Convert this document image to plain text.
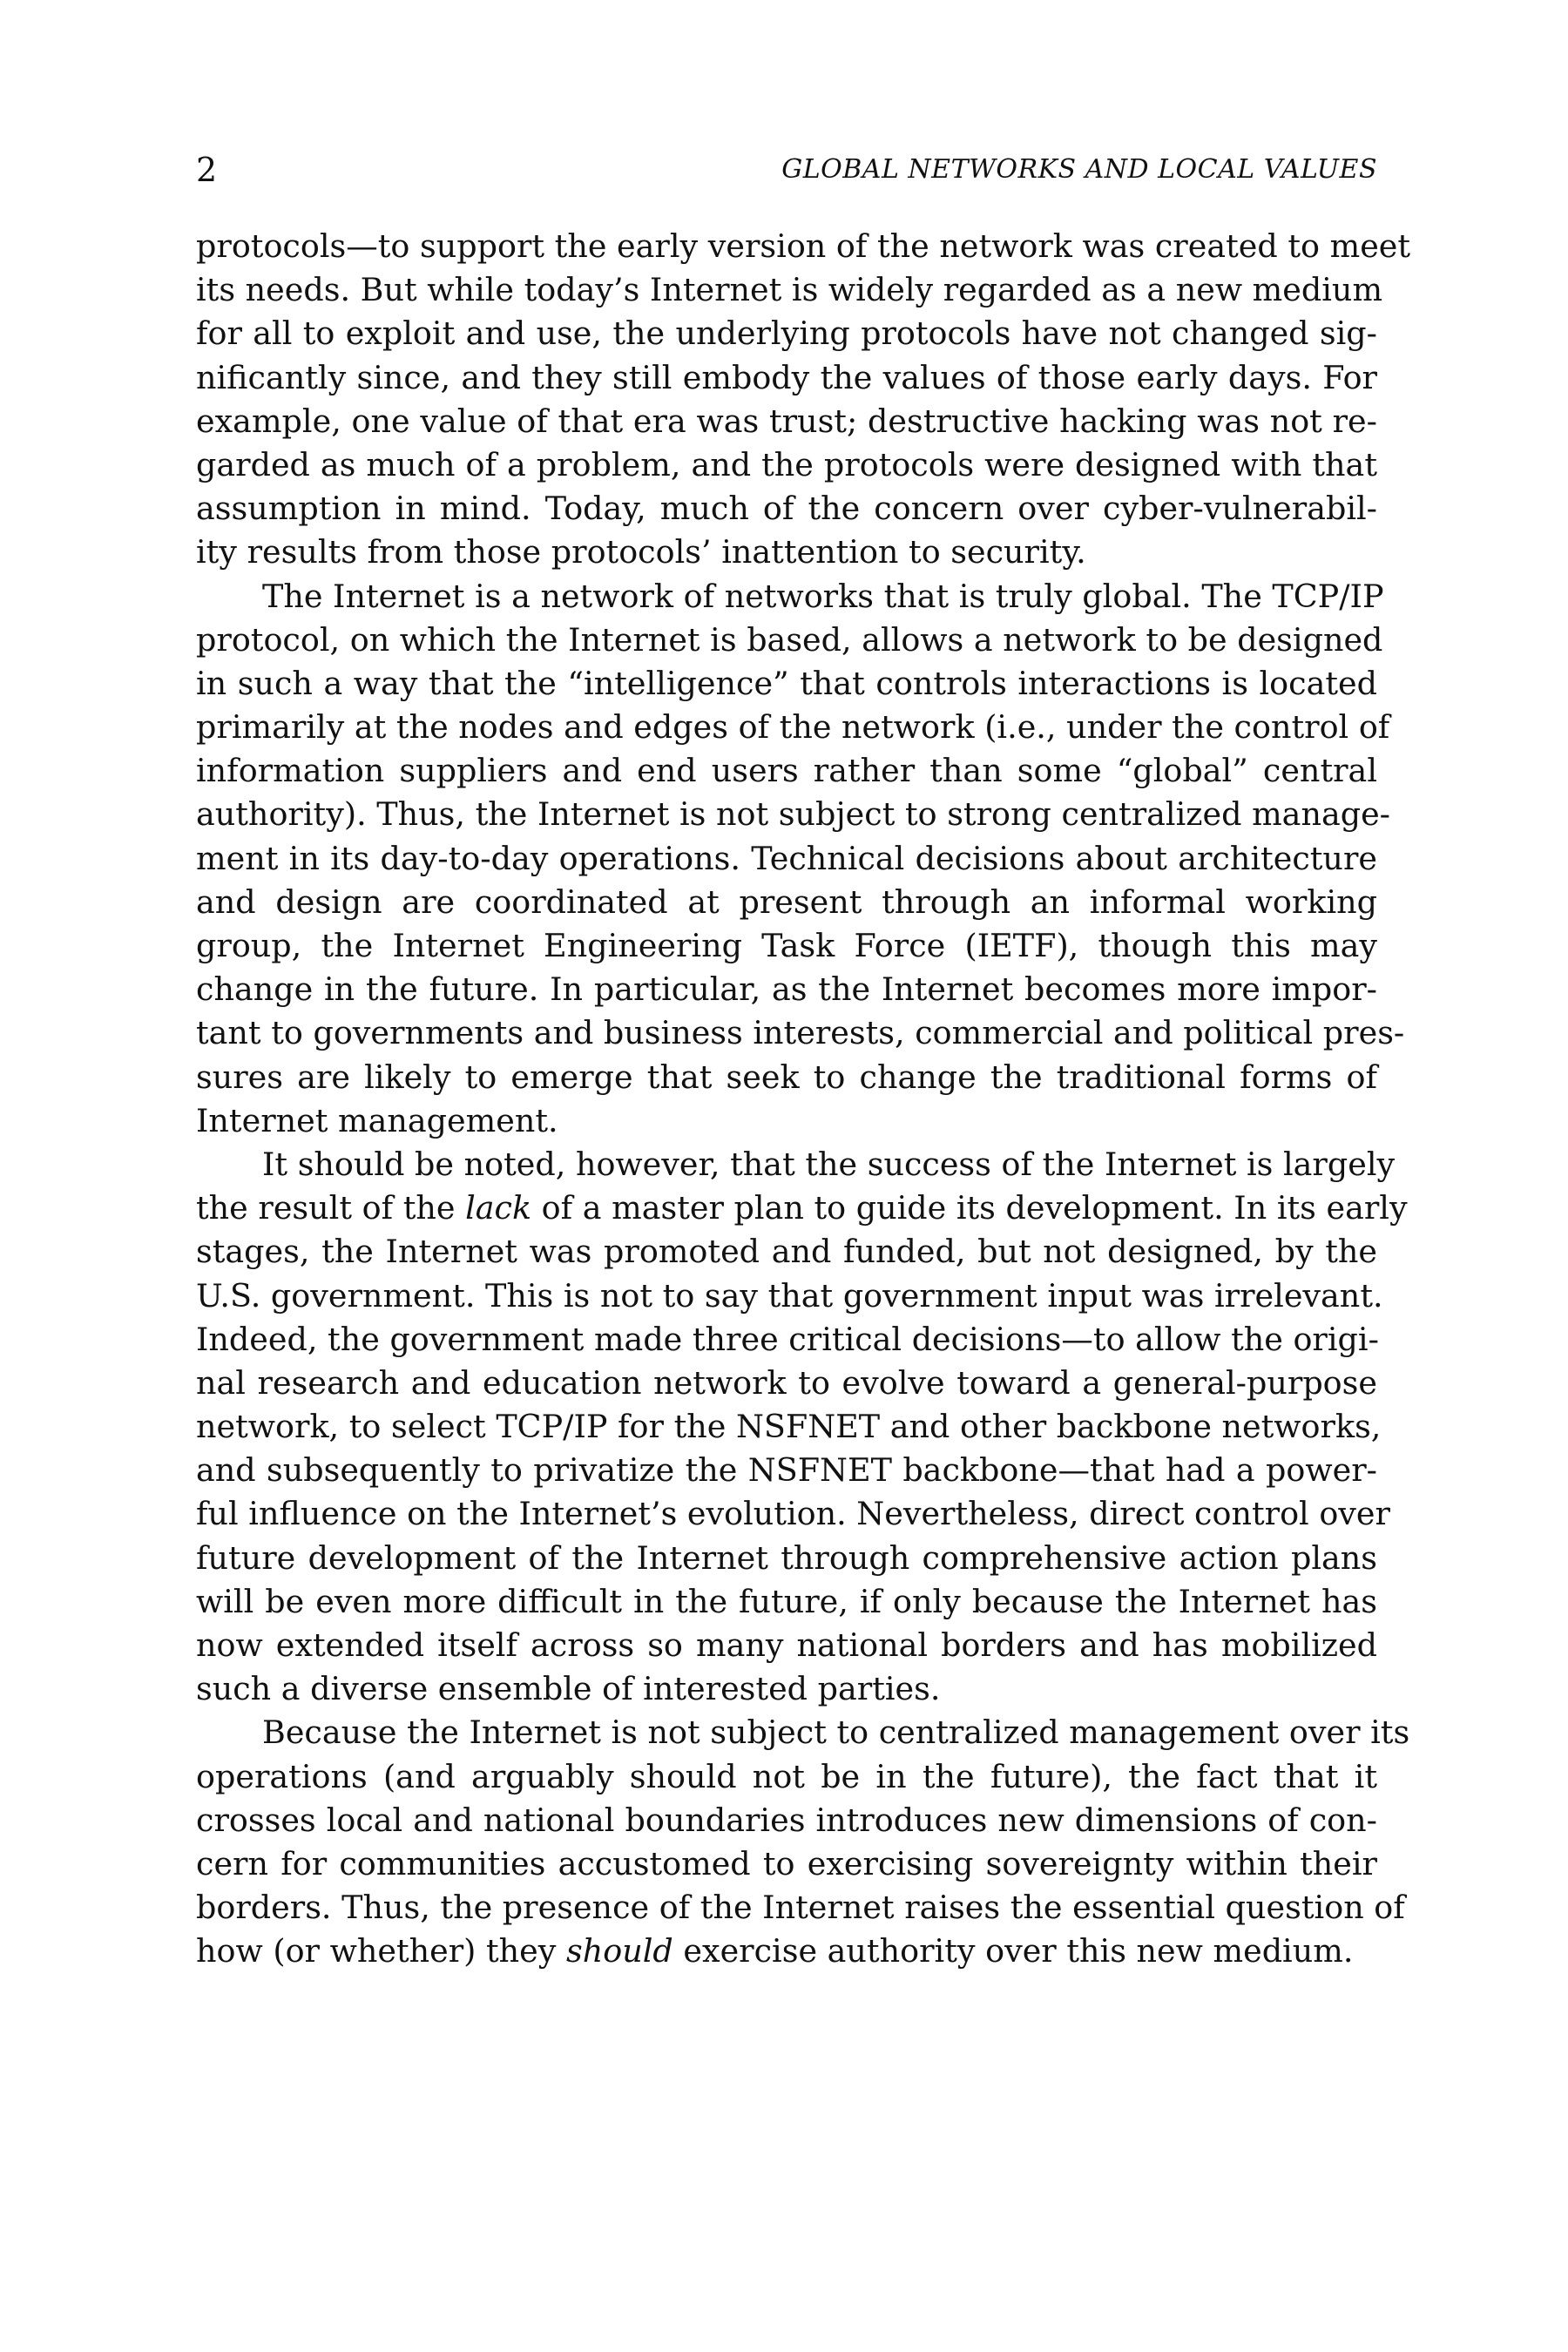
2	GLOBAL NETWORKS AND LOCAL VALUES
protocols—to support the early version of the network was created to meet
its needs. But while today’s Internet is widely regarded as a new medium
for all to exploit and use, the underlying protocols have not changed sig-
nificantly since, and they still embody the values of those early days. For
example, one value of that era was trust; destructive hacking was not re-
garded as much of a problem, and the protocols were designed with that
assumption in mind. Today, much of the concern over cyber-vulnerabil-
ity results from those protocols’ inattention to security.
The Internet is a network of networks that is truly global. The TCP/IP
protocol, on which the Internet is based, allows a network to be designed
in such a way that the “intelligence” that controls interactions is located
primarily at the nodes and edges of the network (i.e., under the control of
information suppliers and end users rather than some “global” central
authority). Thus, the Internet is not subject to strong centralized manage-
ment in its day-to-day operations. Technical decisions about architecture
and design are coordinated at present through an informal working
group, the Internet Engineering Task Force (IETF), though this may
change in the future. In particular, as the Internet becomes more impor-
tant to governments and business interests, commercial and political pres-
sures are likely to emerge that seek to change the traditional forms of
Internet management.
It should be noted, however, that the success of the Internet is largely
the result of the lack of a master plan to guide its development. In its early
stages, the Internet was promoted and funded, but not designed, by the
U.S. government. This is not to say that government input was irrelevant.
Indeed, the government made three critical decisions—to allow the origi-
nal research and education network to evolve toward a general-purpose
network, to select TCP/IP for the NSFNET and other backbone networks,
and subsequently to privatize the NSFNET backbone—that had a power-
ful influence on the Internet’s evolution. Nevertheless, direct control over
future development of the Internet through comprehensive action plans
will be even more difficult in the future, if only because the Internet has
now extended itself across so many national borders and has mobilized
such a diverse ensemble of interested parties.
Because the Internet is not subject to centralized management over its
operations (and arguably should not be in the future), the fact that it
crosses local and national boundaries introduces new dimensions of con-
cern for communities accustomed to exercising sovereignty within their
borders. Thus, the presence of the Internet raises the essential question of
how (or whether) they should exercise authority over this new medium.
